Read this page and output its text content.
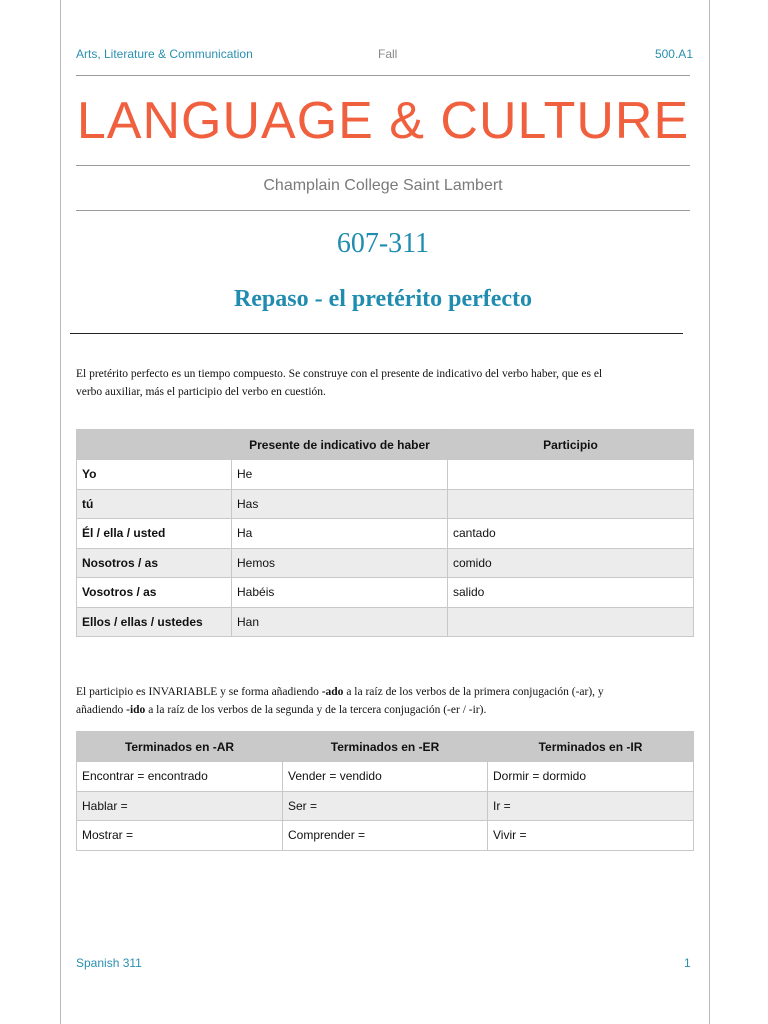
Arts, Literature & Communication	Fall	500.A1
LANGUAGE & CULTURE
Champlain College Saint Lambert
607-311
Repaso - el pretérito perfecto
El pretérito perfecto es un tiempo compuesto. Se construye con el presente de indicativo del verbo haber, que es el
verbo auxiliar, más el participio del verbo en cuestión.
	Presente de indicativo de haber	Participio
Yo	He	
tú	Has	
Él / ella / usted	Ha	cantado
Nosotros / as	Hemos	comido
Vosotros / as	Habéis	salido
Ellos / ellas / ustedes	Han	
El participio es INVARIABLE y se forma añadiendo -ado a la raíz de los verbos de la primera conjugación (-ar), y
añadiendo -ido a la raíz de los verbos de la segunda y de la tercera conjugación (-er / -ir).
Terminados en -AR	Terminados en -ER	Terminados en -IR
Encontrar = encontrado	Vender = vendido	Dormir = dormido
Hablar =	Ser =	Ir =
Mostrar =	Comprender =	Vivir =
Spanish 311	1
